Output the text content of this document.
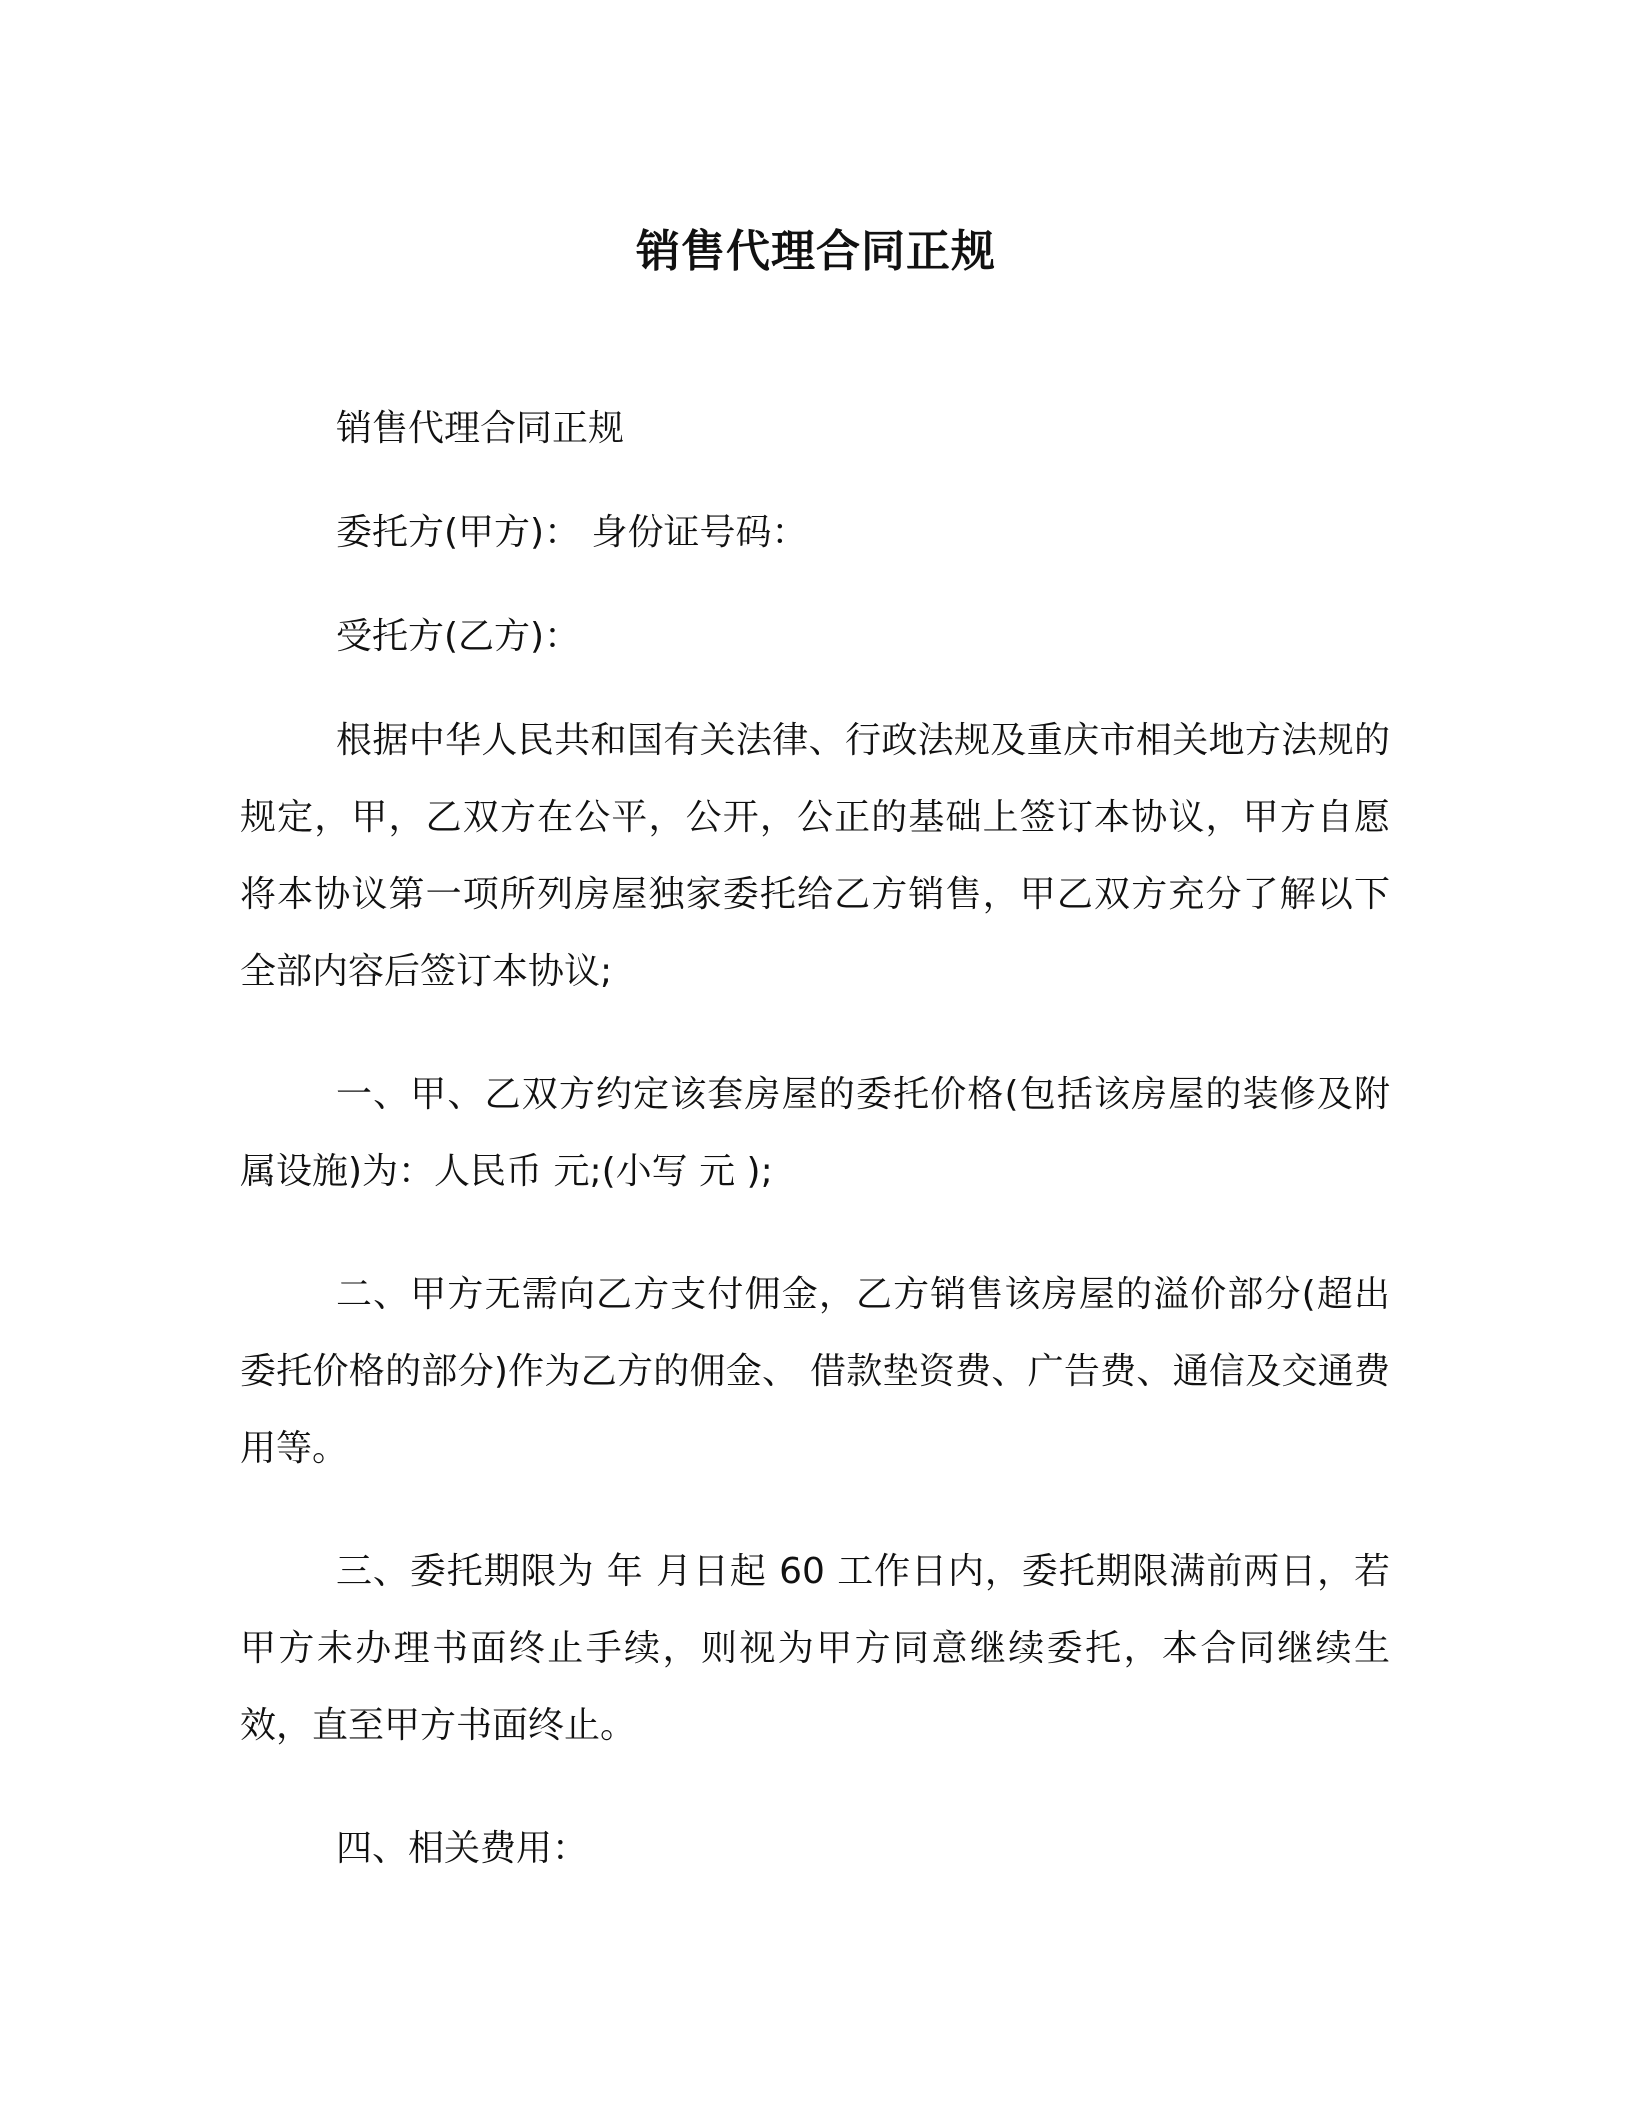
销售代理合同正规

销售代理合同正规

委托方(甲方)： 身份证号码：

受托方(乙方)：

根据中华人民共和国有关法律、行政法规及重庆市相关地方法规的规定，甲，乙双方在公平，公开，公正的基础上签订本协议，甲方自愿将本协议第一项所列房屋独家委托给乙方销售，甲乙双方充分了解以下全部内容后签订本协议;

一、甲、乙双方约定该套房屋的委托价格(包括该房屋的装修及附属设施)为：人民币 元;(小写 元 );

二、甲方无需向乙方支付佣金，乙方销售该房屋的溢价部分(超出委托价格的部分)作为乙方的佣金、 借款垫资费、广告费、通信及交通费用等。

三、委托期限为 年 月日起 60 工作日内，委托期限满前两日，若甲方未办理书面终止手续，则视为甲方同意继续委托，本合同继续生效，直至甲方书面终止。

四、相关费用：
